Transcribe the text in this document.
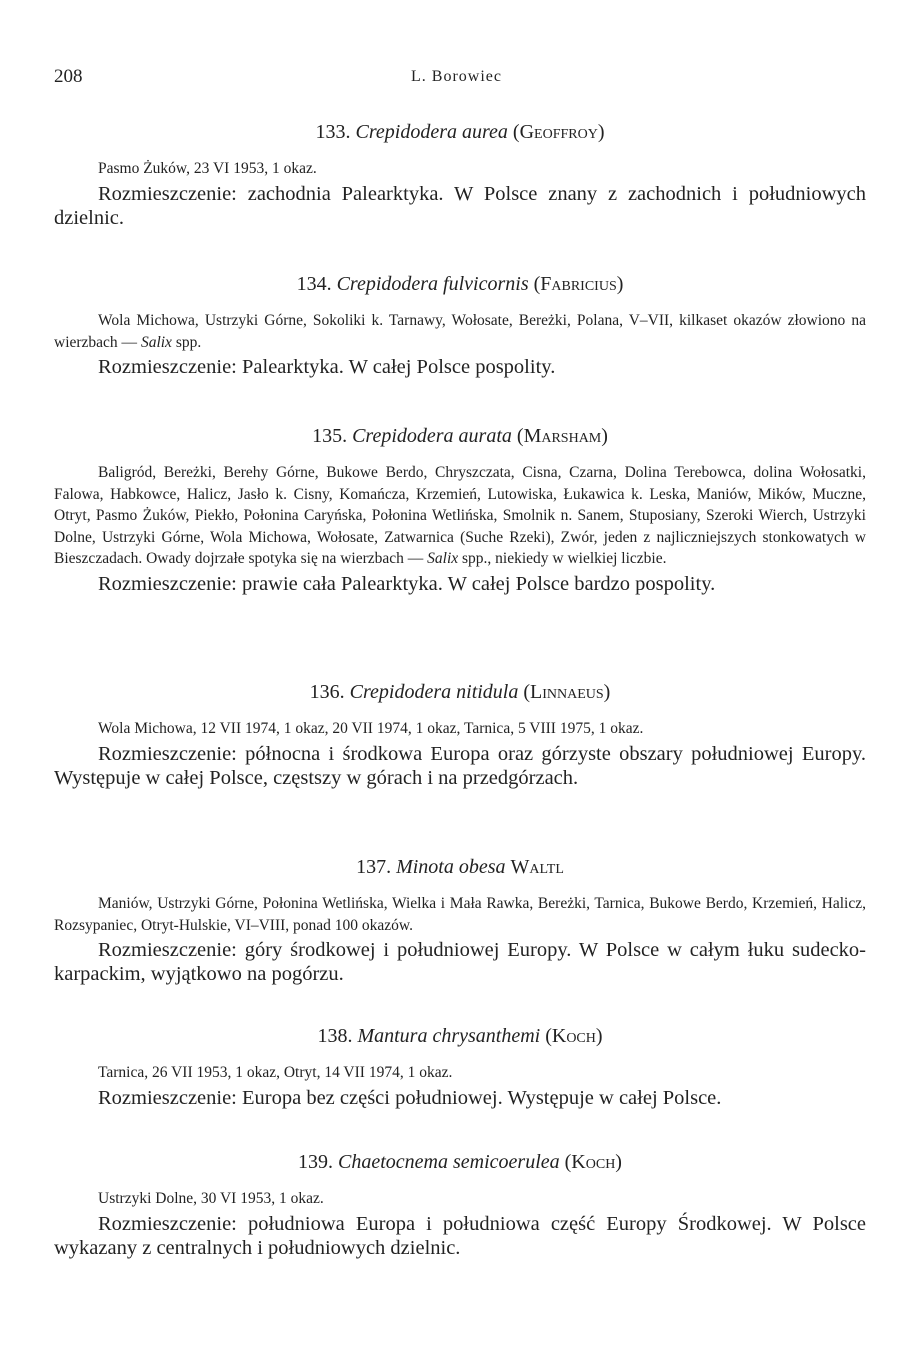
208	L. Borowiec
133. Crepidodera aurea (Geoffroy)

Pasmo Żuków, 23 VI 1953, 1 okaz.

Rozmieszczenie: zachodnia Palearktyka. W Polsce znany z zachodnich i południowych dzielnic.

134. Crepidodera fulvicornis (Fabricius)

Wola Michowa, Ustrzyki Górne, Sokoliki k. Tarnawy, Wołosate, Bereżki, Polana, V–VII, kilkaset okazów złowiono na wierzbach — Salix spp.

Rozmieszczenie: Palearktyka. W całej Polsce pospolity.

135. Crepidodera aurata (Marsham)

Baligród, Bereżki, Berehy Górne, Bukowe Berdo, Chryszczata, Cisna, Czarna, Dolina Terebowca, dolina Wołosatki, Falowa, Habkowce, Halicz, Jasło k. Cisny, Komańcza, Krzemień, Lutowiska, Łukawica k. Leska, Maniów, Mików, Muczne, Otryt, Pasmo Żuków, Piekło, Połonina Caryńska, Połonina Wetlińska, Smolnik n. Sanem, Stuposiany, Szeroki Wierch, Ustrzyki Dolne, Ustrzyki Górne, Wola Michowa, Wołosate, Zatwarnica (Suche Rzeki), Zwór, jeden z najliczniejszych stonkowatych w Bieszczadach. Owady dojrzałe spotyka się na wierzbach — Salix spp., niekiedy w wielkiej liczbie.

Rozmieszczenie: prawie cała Palearktyka. W całej Polsce bardzo pospolity.

136. Crepidodera nitidula (Linnaeus)

Wola Michowa, 12 VII 1974, 1 okaz, 20 VII 1974, 1 okaz, Tarnica, 5 VIII 1975, 1 okaz.

Rozmieszczenie: północna i środkowa Europa oraz górzyste obszary południowej Europy. Występuje w całej Polsce, częstszy w górach i na przedgórzach.

137. Minota obesa Waltl

Maniów, Ustrzyki Górne, Połonina Wetlińska, Wielka i Mała Rawka, Bereżki, Tarnica, Bukowe Berdo, Krzemień, Halicz, Rozsypaniec, Otryt-Hulskie, VI–VIII, ponad 100 okazów.

Rozmieszczenie: góry środkowej i południowej Europy. W Polsce w całym łuku sudecko-karpackim, wyjątkowo na pogórzu.

138. Mantura chrysanthemi (Koch)

Tarnica, 26 VII 1953, 1 okaz, Otryt, 14 VII 1974, 1 okaz.

Rozmieszczenie: Europa bez części południowej. Występuje w całej Polsce.

139. Chaetocnema semicoerulea (Koch)

Ustrzyki Dolne, 30 VI 1953, 1 okaz.

Rozmieszczenie: południowa Europa i południowa część Europy Środkowej. W Polsce wykazany z centralnych i południowych dzielnic.
